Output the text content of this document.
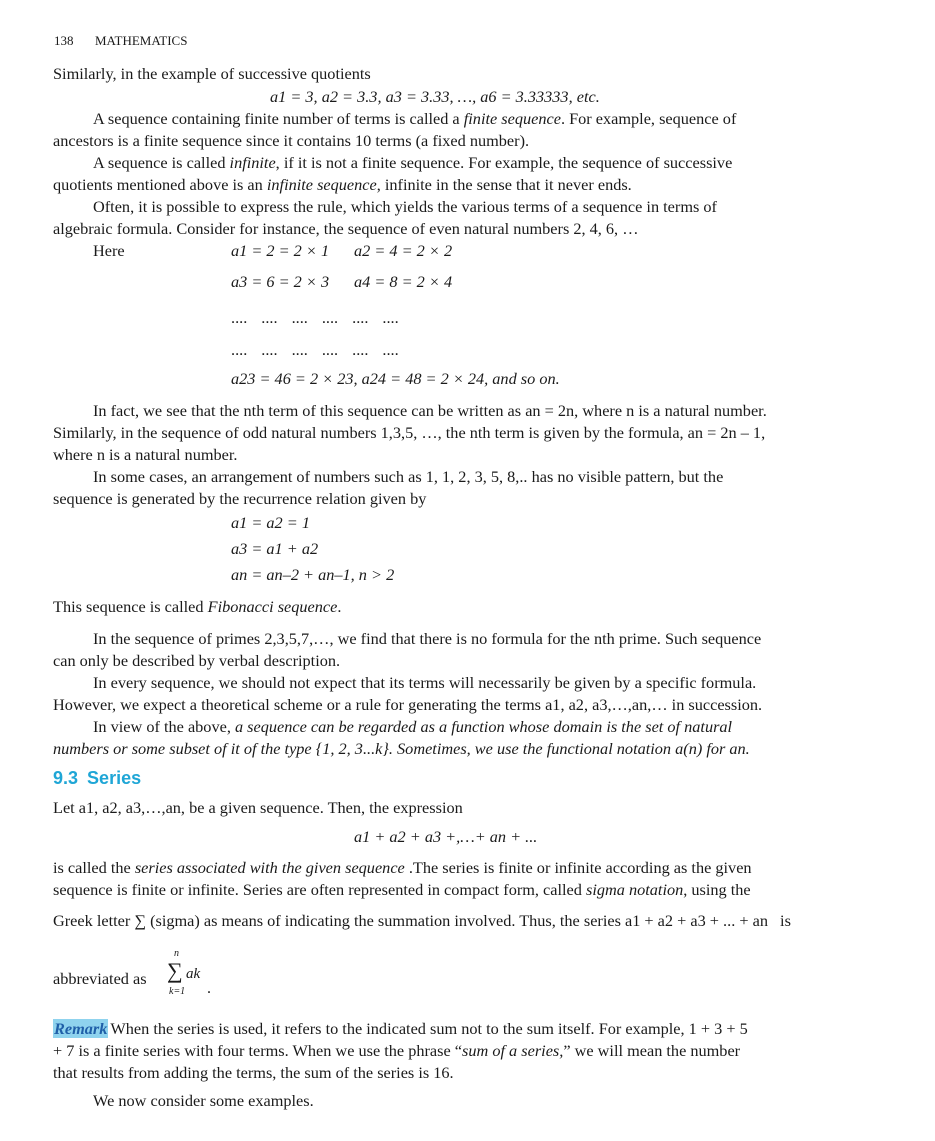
138 MATHEMATICS
Similarly, in the example of successive quotients
a1 = 3, a2 = 3.3, a3 = 3.33, …, a6 = 3.33333, etc.
A sequence containing finite number of terms is called a finite sequence. For example, sequence of
ancestors is a finite sequence since it contains 10 terms (a fixed number).
A sequence is called infinite, if it is not a finite sequence. For example, the sequence of successive
quotients mentioned above is an infinite sequence, infinite in the sense that it never ends.
Often, it is possible to express the rule, which yields the various terms of a sequence in terms of
algebraic formula. Consider for instance, the sequence of even natural numbers 2, 4, 6, …
Here	a1 = 2 = 2 × 1 a2 = 4 = 2 × 2
a3 = 6 = 2 × 3 a4 = 8 = 2 × 4
.... .... .... .... .... ....
.... .... .... .... .... ....
a23 = 46 = 2 × 23, a24 = 48 = 2 × 24, and so on.
In fact, we see that the nth term of this sequence can be written as an = 2n, where n is a natural number.
Similarly, in the sequence of odd natural numbers 1,3,5, …, the nth term is given by the formula, an = 2n – 1,
where n is a natural number.
In some cases, an arrangement of numbers such as 1, 1, 2, 3, 5, 8,.. has no visible pattern, but the
sequence is generated by the recurrence relation given by
a1 = a2 = 1
a3 = a1 + a2
an = an–2 + an–1, n > 2
This sequence is called Fibonacci sequence.
In the sequence of primes 2,3,5,7,…, we find that there is no formula for the nth prime. Such sequence
can only be described by verbal description.
In every sequence, we should not expect that its terms will necessarily be given by a specific formula.
However, we expect a theoretical scheme or a rule for generating the terms a1, a2, a3,…,an,… in succession.
In view of the above, a sequence can be regarded as a function whose domain is the set of natural
numbers or some subset of it of the type {1, 2, 3...k}. Sometimes, we use the functional notation a(n) for an.
9.3 Series
Let a1, a2, a3,…,an, be a given sequence. Then, the expression
a1 + a2 + a3 +,…+ an + ...
is called the series associated with the given sequence .The series is finite or infinite according as the given
sequence is finite or infinite. Series are often represented in compact form, called sigma notation, using the
Greek letter ∑ (sigma) as means of indicating the summation involved. Thus, the series a1 + a2 + a3 + ... + an is
abbreviated as
n
∑ ak
k=1 .
Remark When the series is used, it refers to the indicated sum not to the sum itself. For example, 1 + 3 + 5
+ 7 is a finite series with four terms. When we use the phrase “sum of a series,” we will mean the number
that results from adding the terms, the sum of the series is 16.
We now consider some examples.
